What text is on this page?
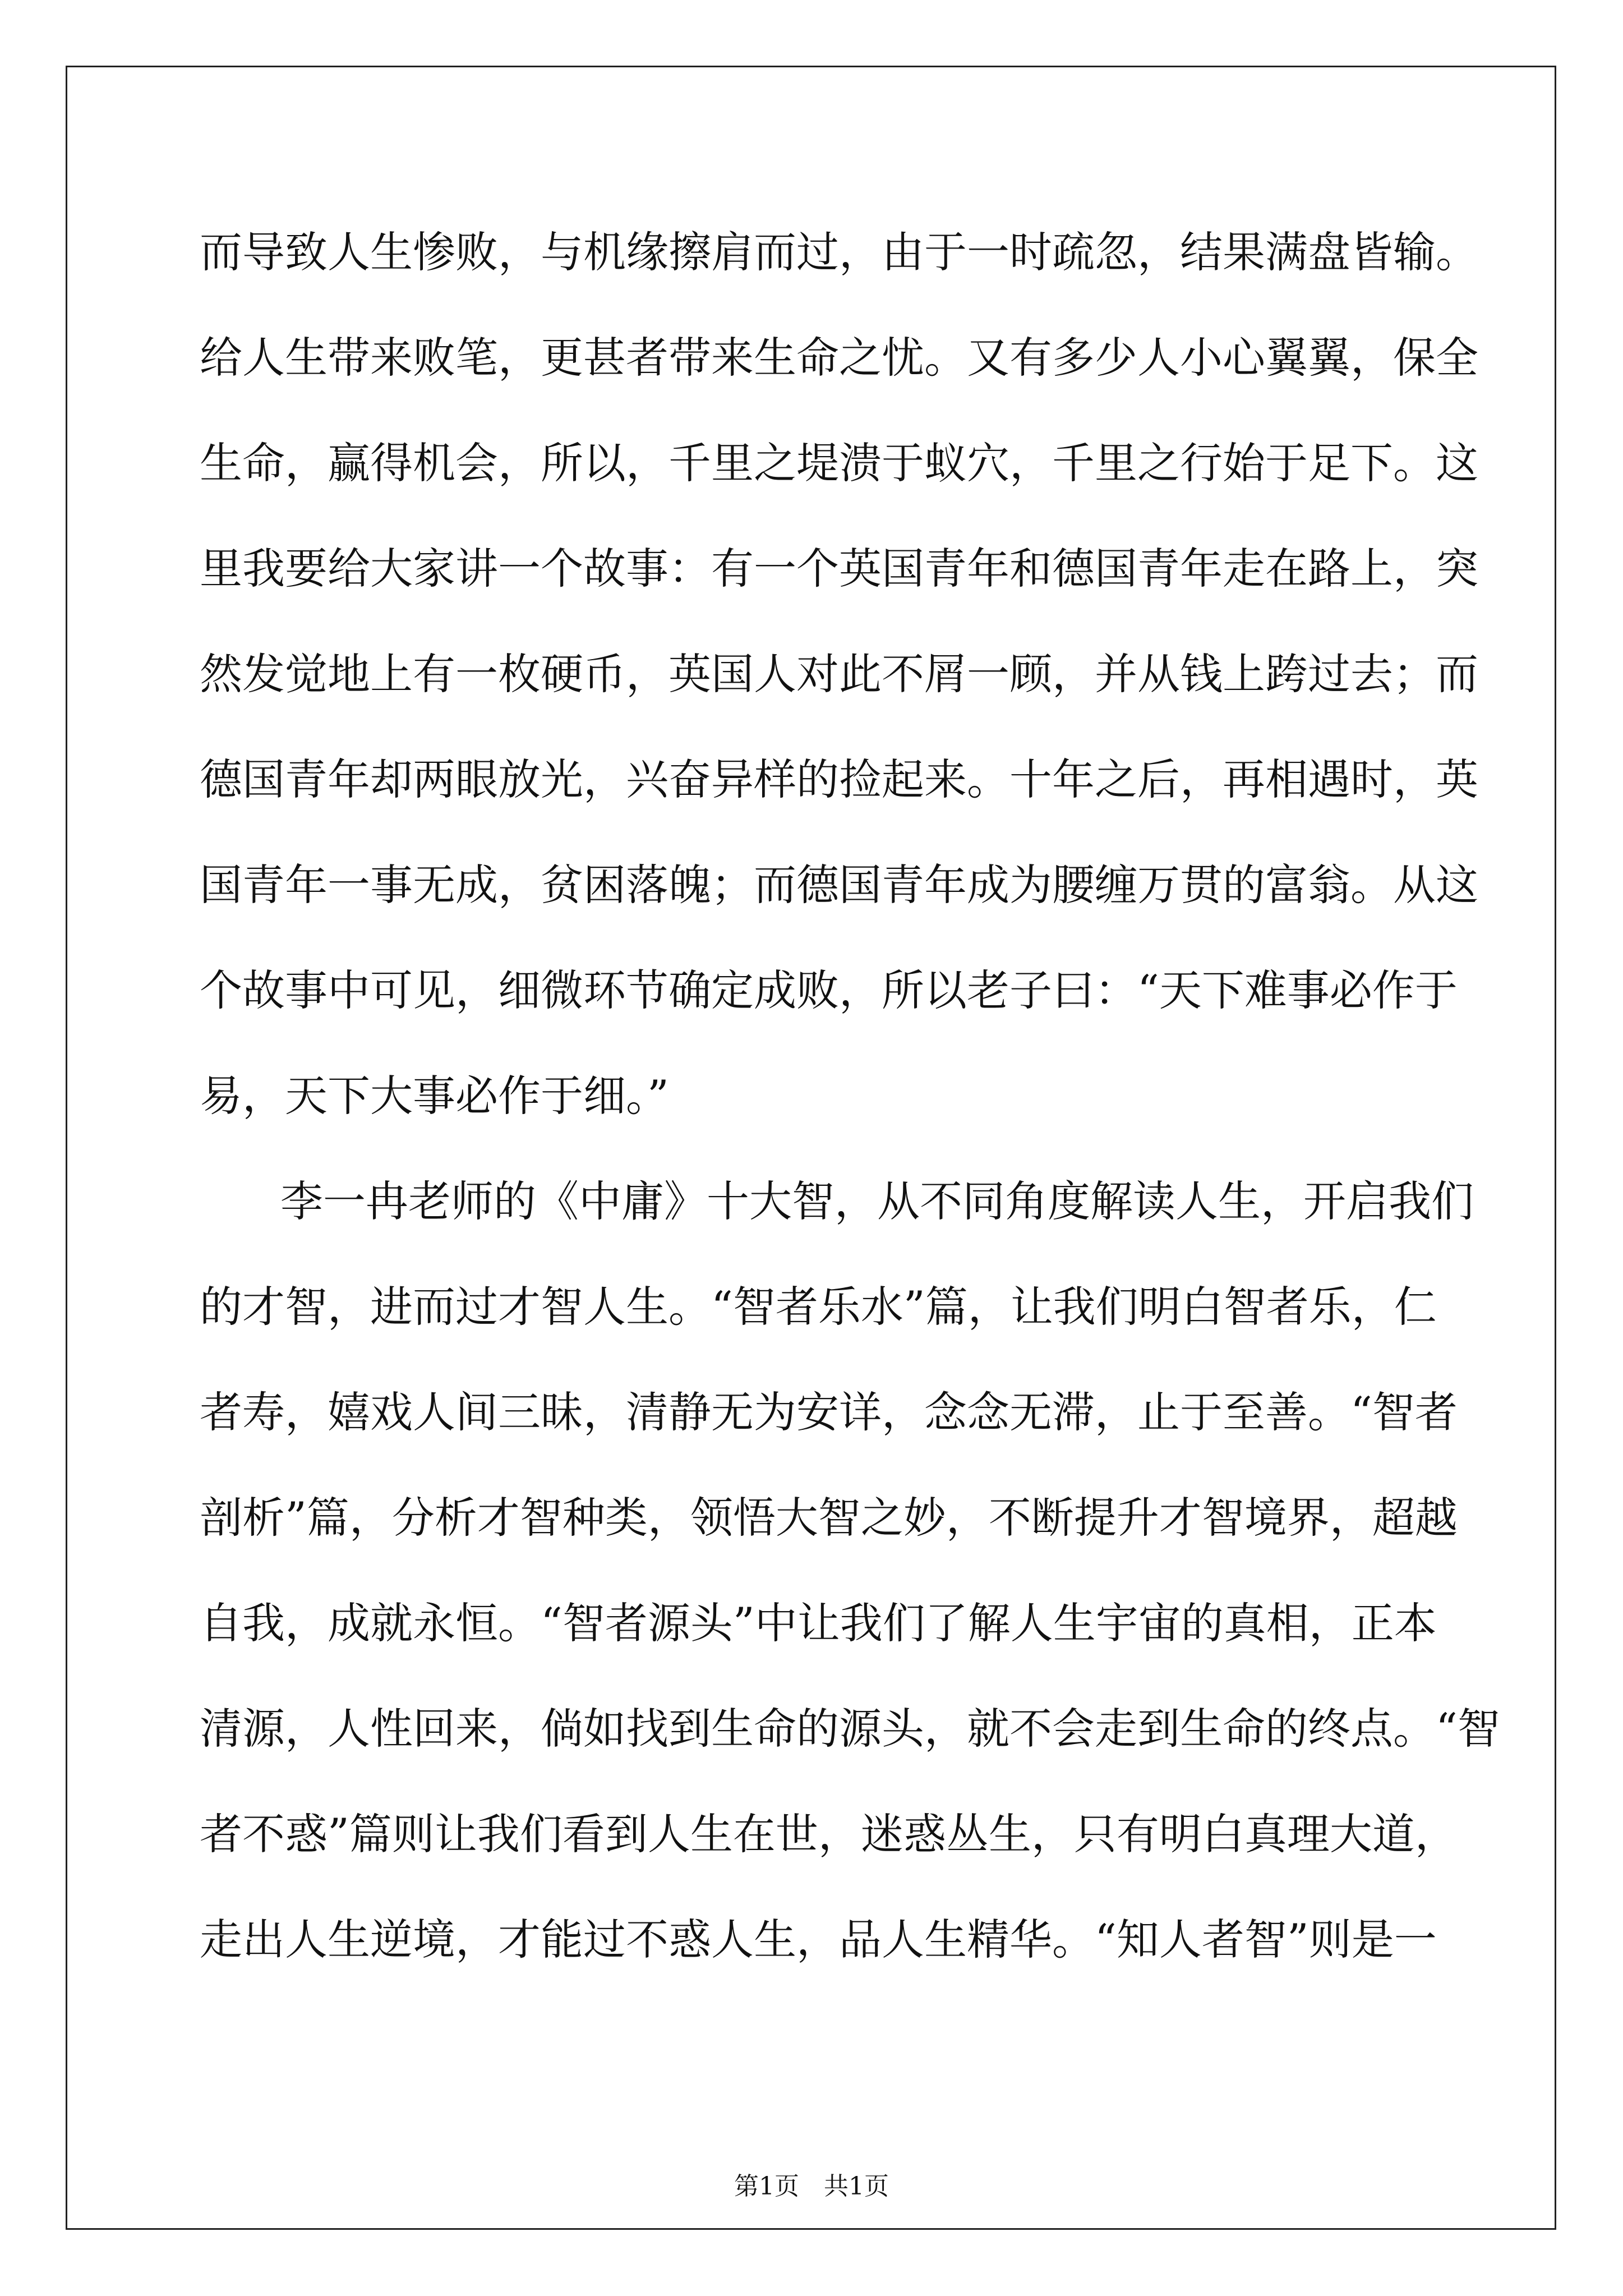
而导致人生惨败，与机缘擦肩而过，由于一时疏忽，结果满盘皆输。
给人生带来败笔，更甚者带来生命之忧。又有多少人小心翼翼，保全
生命，赢得机会，所以，千里之堤溃于蚁穴，千里之行始于足下。这
里我要给大家讲一个故事：有一个英国青年和德国青年走在路上，突
然发觉地上有一枚硬币，英国人对此不屑一顾，并从钱上跨过去；而
德国青年却两眼放光，兴奋异样的捡起来。十年之后，再相遇时，英
国青年一事无成，贫困落魄；而德国青年成为腰缠万贯的富翁。从这
个故事中可见，细微环节确定成败，所以老子曰：“天下难事必作于
易，天下大事必作于细。”
李一冉老师的《中庸》十大智，从不同角度解读人生，开启我们
的才智，进而过才智人生。“智者乐水”篇，让我们明白智者乐，仁
者寿，嬉戏人间三昧，清静无为安详，念念无滞，止于至善。“智者
剖析”篇，分析才智种类，领悟大智之妙，不断提升才智境界，超越
自我，成就永恒。“智者源头”中让我们了解人生宇宙的真相，正本
清源，人性回来，倘如找到生命的源头，就不会走到生命的终点。“智
者不惑”篇则让我们看到人生在世，迷惑丛生，只有明白真理大道，
走出人生逆境，才能过不惑人生，品人生精华。“知人者智”则是一
第1页　共1页
